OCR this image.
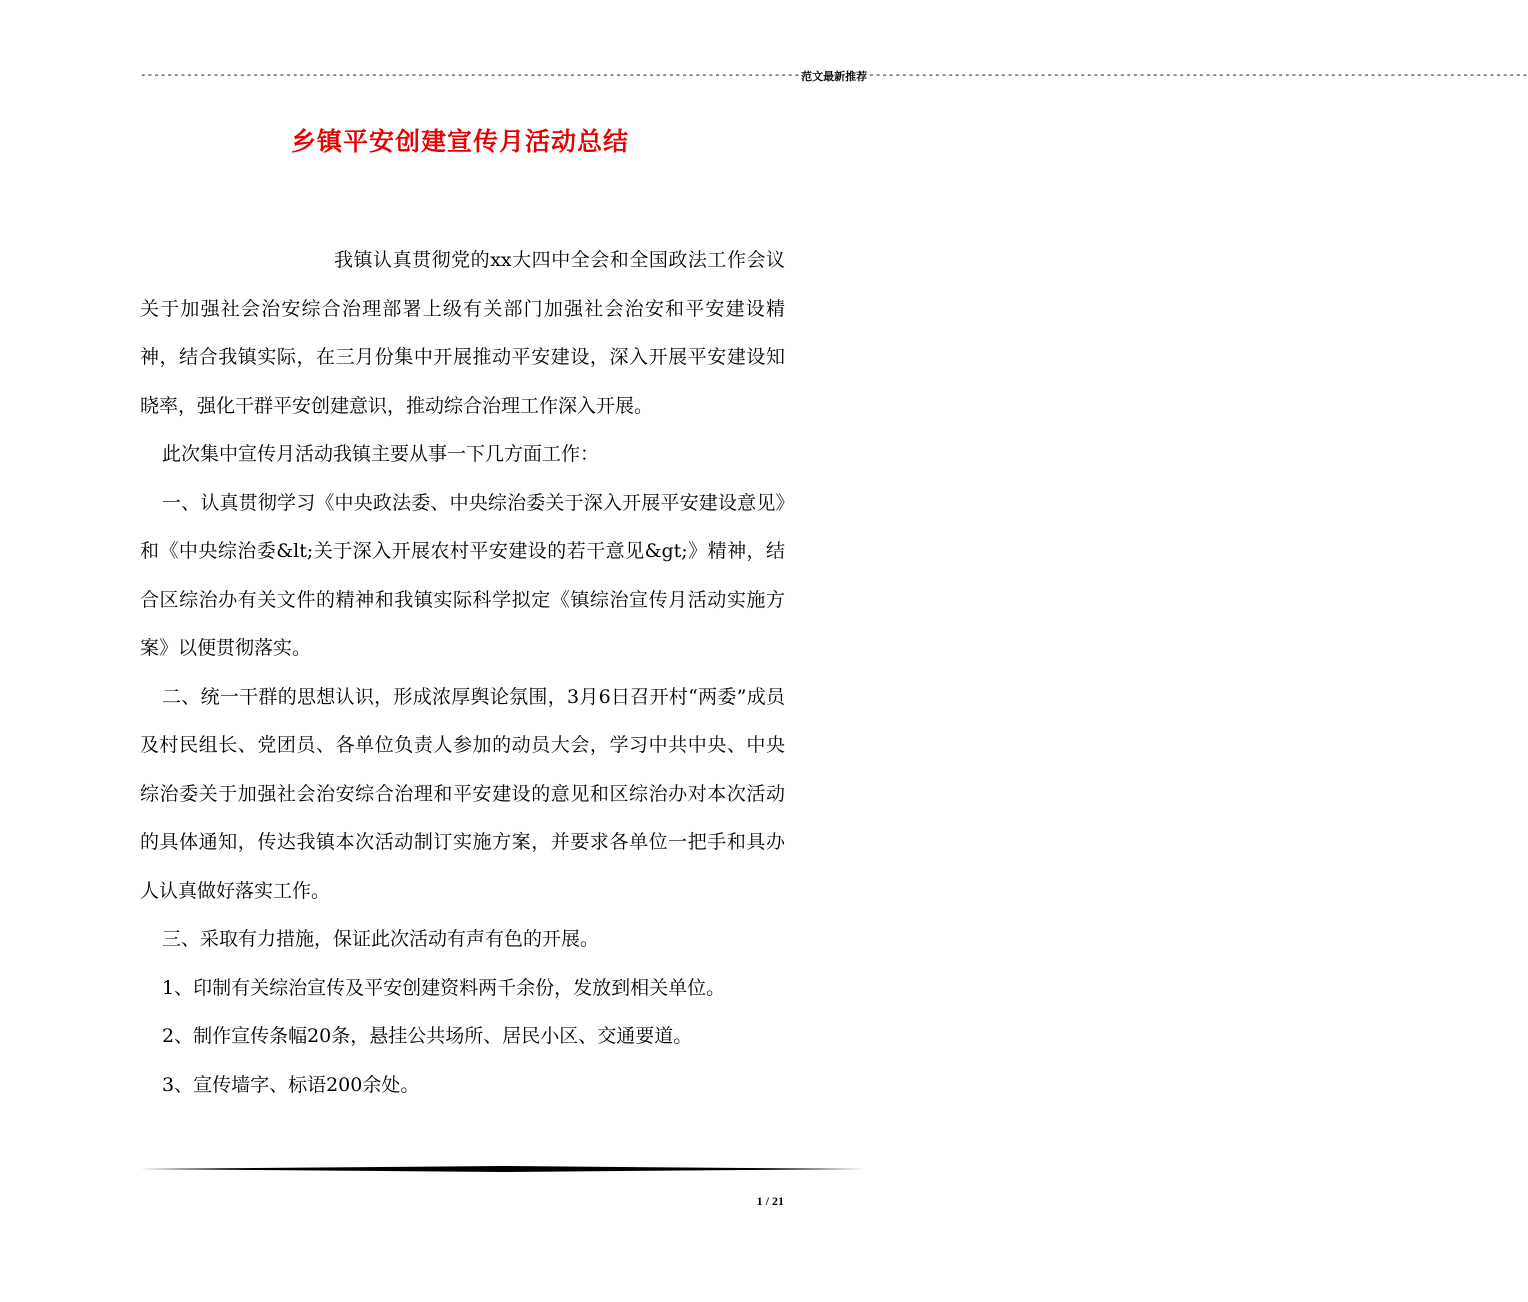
---------------------------------------------------------------------------------------------------- 范文最新推荐 ----------------------------------------------------------------------------------------------------
乡镇平安创建宣传月活动总结

我镇认真贯彻党的xx大四中全会和全国政法工作会议关于加强社会治安综合治理部署上级有关部门加强社会治安和平安建设精神，结合我镇实际，在三月份集中开展推动平安建设，深入开展平安建设知晓率，强化干群平安创建意识，推动综合治理工作深入开展。

此次集中宣传月活动我镇主要从事一下几方面工作：

一、认真贯彻学习《中央政法委、中央综治委关于深入开展平安建设意见》和《中央综治委&lt;关于深入开展农村平安建设的若干意见&gt;》精神，结合区综治办有关文件的精神和我镇实际科学拟定《镇综治宣传月活动实施方案》以便贯彻落实。

二、统一干群的思想认识，形成浓厚舆论氛围，3月6日召开村“两委”成员及村民组长、党团员、各单位负责人参加的动员大会，学习中共中央、中央综治委关于加强社会治安综合治理和平安建设的意见和区综治办对本次活动的具体通知，传达我镇本次活动制订实施方案，并要求各单位一把手和具办人认真做好落实工作。

三、采取有力措施，保证此次活动有声有色的开展。

1、印制有关综治宣传及平安创建资料两千余份，发放到相关单位。

2、制作宣传条幅20条，悬挂公共场所、居民小区、交通要道。

3、宣传墙字、标语200余处。

1 / 21
